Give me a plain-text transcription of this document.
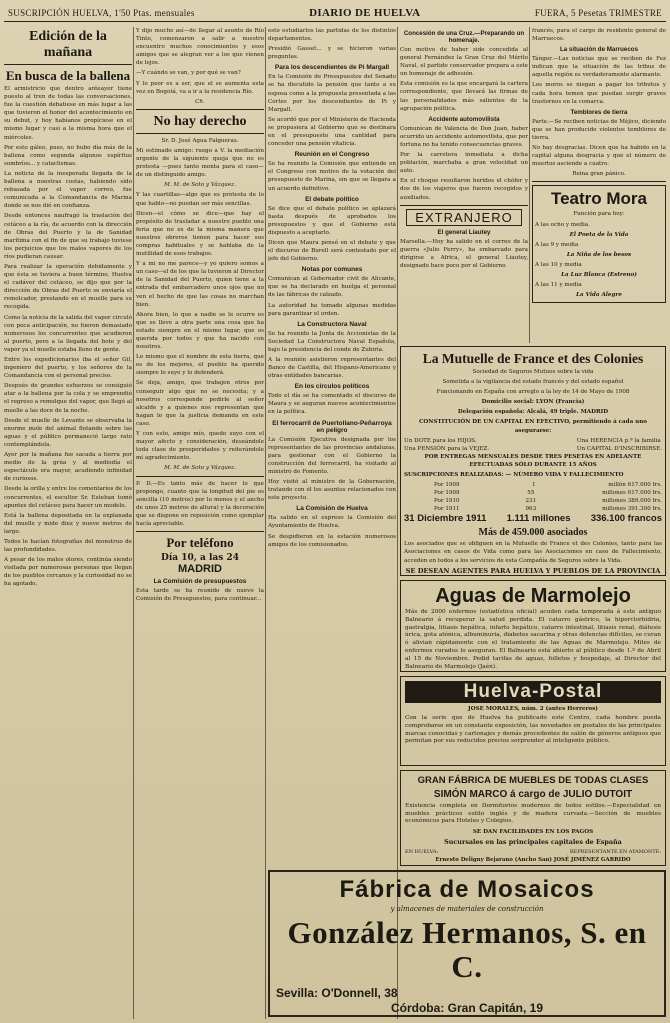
SUSCRIPCIÓN HUELVA, 1'50 Ptas. mensuales	DIARIO DE HUELVA	FUERA, 5 Pesetas TRIMESTRE
Edición de la mañana
En busca de la ballena

El armistricio que dentro anteayer tiene puesto al tren de todas las conversaciones, fue la cuestión debatiese en más lugar a las que tuvieron el honor del acontecimiento en su debut, y hoy habíanos propíciese en el mismo lugar y casi a la misma hora que el miércoles.

Por esto gáleo, pues, no hubo día más de la ballena como segunda algunos espíritus sombríos... y cataclismas.

La noticia de la inesperada llegada de la ballena a nuestras costas, habiendo sido rebasada por el vapor correo, fue comunicada a la Comandancia de Marina donde se nos dió en confianza.

Desde entonces naufragó la traslación del cetáceo a la ría, de acuerdo con la dirección de Obras del Puerto y la de Sanidad marítima con el fin de que su trabajo tuviese los perjuicios que los malos vapores de los ríos pudieran causar.

Para realizar la operación debidamente y que ésta se tuviera a buen término, Huelva el cadáver del cetáceo, se dijo que por la dirección de Obras del Puerto se enviaría el remolcador, prestando en el muelle para su recogida.

Como la noticia de la salida del vapor circuló con poca anticipación, no fueron demasiado numerosos los concurrentes que acudieron al puerto, pero a la llegada del bote y del vapor ya el muelle estaba lleno de gente.

Entre los expedicionarios iba el señor Gil, ingeniero del puerto, y los señores de la Comandancia con el personal preciso.

Después de grandes esfuerzos se consiguió atar a la ballena por la cola y se emprendió el regreso a remolque del vapor, que llegó al muelle a las doce de la noche.

Desde el muelle de Levante se observaba la enorme mole del animal flotando sobre las aguas y el público permaneció largo rato contemplándola.

Ayer por la mañana fue sacada a tierra por medio de la grúa y al mediodía el espectáculo era mayor, acudiendo infinidad de curiosos.

Desde la orilla y entre los comentarios de los concurrentes, el escultor Sr. Esteban tomó apuntes del cetáceo para hacer un modelo.

Está la ballena depositada en la explanada del muelle y mide diez y nueve metros de largo.

Todos le hacían fotografías del monstruo de las profundidades.

A pesar de los malos olores, continúa siendo visitada por numerosas personas que llegan de los pueblos cercanos y la curiosidad no se ha agotado.

Y dijo mucho así—de llegar al asunto de Río Tinto, comenzaron a salir a nuestro encuentro muchos conocimientos y esos amigos que se alegran ver a los que vienen de lejos.

—Y cuándo se van, y por qué se van?

Y lo peor es a ser, que el se aumenta esta vez en Bogotá, va a ir a la residencia Río.

Ch.

No hay derecho

Sr. D. José Agua Falgueras.

Mi estimado amigo: ruego a V. la mediación urgente de la siguiente queja que no es protesta —pues tanto monta para el caso— de un distinguido amigo.

M. M. de Soto y Vázquez.

Y las cuartillas—algo que es protesta de lo que hablo—no puedan ser más sencillas.

Dicen—el cómo se dice—que hay el propósito de trasladar a nuestro pueblo una feria que no es de la misma manera que nuestros obreros tienen para hacer sus compras habituales y se hablaba de la inutilidad de esos trabajos.

Y a mi no me parece—y yo quiero somos a un caso—el de los que la tuvieron al Director de la Sanidad del Puerto, quien tiene a la entrada del embarcadero unos ojos que no ven el hecho de que las cosas no marchan bien.

Ahora bien, lo que a nadie se le ocurre es que se lleve a otra parte una cosa que ha estado siempre en el mismo lugar, que es querida por todos y que ha nacido con nosotros.

Lo mismo que el nombre de esta tierra, que es de los mejores, el pueblo ha querido siempre lo suyo y lo defenderá.

Se deja, amigo, que trabajen otros por conseguir algo que no se necesita; y a nosotros corresponde pedirle al señor alcalde y a quienes nos representan que hagan lo que la justicia demanda en este caso.

Y con esto, amigo mío, quedo suyo con el mayor afecto y consideración, deseándole toda clase de prosperidades y reiterándole mi agradecimiento.

M. M. de Soto y Vázquez.

P. D.—Es tanto más de hacer lo que propongo, cuanto que la longitud del pie es sencilla (10 metros) por lo menos y el ancho de unos 25 metros de altura) y la decoración que se dispone en reposición como ejemplar hacía apreciable.

Por teléfono
Día 10, a las 24
MADRID
La Comisión de presupuestos

Esta tarde se ha reunido de nuevo la Comisión de Presupuestos, para continuar...

esto estudiarlos las partidas de los distintos departamentos.

Presidió Gasset... y se hicieron varias preguntas.

Para los descendientes de Pi Margall

En la Comisión de Presupuestos del Senado se ha discutido la pensión que tanto a su esposa como a la propuesta presentada a las Cortes por los descendientes de Pi y Margall.

Se acordó que por el Ministerio de Hacienda se propusiera al Gobierno que se destinara en el presupuesto una cantidad para conceder una pensión vitalicia.

Reunión en el Congreso

Se ha reunido la Comisión que entiende en el Congreso con motivo de la votación del presupuesto de Marina, sin que se llegara a un acuerdo definitivo.

El debate político

Se dice que el debate político se aplazará hasta después de aprobados los presupuestos y que el Gobierno está dispuesto a aceptarlo.

Dicen que Maura pensó en el debate y que el discurso de Burell será contestado por el jefe del Gobierno.

Notas por comunes

Comunican al Gobernador civil de Alicante, que se ha declarado en huelga el personal de las fábricas de calzado.

La autoridad ha tomado algunas medidas para garantizar el orden.

La Constructora Naval

Se ha reunido la Junta de Accionistas de la Sociedad La Constructora Naval Española, bajo la presidencia del conde de Zubiría.

A la reunión asistieron representantes del Banco de Castilla, del Hispano-Americano y otras entidades bancarias.

En los círculos políticos

Todo el día se ha comentado el discurso de Maura y se auguran nuevos acontecimientos en la política.

El ferrocarril de Puertollano-Peñarroya en peligro

La Comisión Ejecutiva designada por los representantes de las provincias andaluzas, para gestionar con el Gobierno la construcción del ferrocarril, ha visitado al ministro de Fomento.

Hoy visitó al ministro de la Gobernación, tratando con él los asuntos relacionados con este proyecto.

La Comisión de Huelva

Ha salido en el expreso la Comisión del Ayuntamiento de Huelva.

Se despidieron en la estación numerosos amigos de los comisionados.

Concesión de una Cruz.—Preparando un homenaje.

Con motivo de haber sido concedida al general Fernández la Gran Cruz del Mérito Naval, el partido conservador prepara a este un homenaje de adhesión.

Esta comisión es la que encargará la cartera correspondiente, que llevará las firmas de las personalidades más salientes de la agrupación política.

Accidente automovilista

Comunican de Valencia de Don Juan, haber ocurrido un accidente automovilista, que por fortuna no ha tenido consecuencias graves.

Por la carretera inmediata a dicha población, marchaba a gran velocidad un auto.

En el choque resultaron heridos el chófer y dos de los viajeros que fueron recogidos y auxiliados.

EXTRANJERO
El general Liautey

Marsella.—Hoy ha salido en el correo de la guerra «Julio Ferry», ha embarcado para dirigirse a Africa, el general Liautey, designado hace poco por el Gobierno

francés, para el cargo de residente general de Marruecos.

La situación de Marruecos

Tánger.—Las noticias que se reciben de Fez indican que la situación de las tribus de aquella región es verdaderamente alarmante.

Los moros se niegan a pagar los tributos y cada hora temen que puedan surgir graves trastornos en la comarca.

Temblores de tierra

Parte.—Se reciben noticias de Méjico, diciendo que se han producido violentos temblores de tierra.

No hay desgracias. Dicen que ha habido en la capital alguna desgracia y que el número de muertos asciende a cuatro.

Reina gran pánico.

Teatro Mora
Función para hoy:
A las ocho y media.
El Poeta de la Vida
A las 9 y media
La Niña de los besos
A las 10 y media
La Luz Blanca (Estreno)
A las 11 y media
La Vida Alegre
La Mutuelle de France et des Colonies
Sociedad de Seguros Mutuos sobre la vida
Sometida a la vigilancia del estado francés y del estado español
Funcionando en España con arreglo a la ley de 14 de Mayo de 1908
Domicilio social: LYON (Francia)
Delegación española: Alcalá, 49 triple. MADRID
CONSTITUCIÓN DE UN CAPITAL EN EFECTIVO, permitiendo á cada uno asegurarse:
Un DOTE para los HIJOS.
Una PENSIÓN para la VEJEZ.
Una HERENCIA p.ª la familia
Un CAPITAL D'INSCRIBIRSE.
POR ENTREGAS MENSUALES DESDE TRES PESETAS EN ADELANTE EFECTUADAS SÓLO DURANTE 15 AÑOS
SUSCRIPCIONES REALIZADAS: — NÚMERO VIDA Y FALLECIMIENTO
Por 1909	1	millón 617.000 frs.
Por 1909	55	millones 617.000 frs.
Por 1910	231	millones 389.000 frs.
Por 1911	963	millones 391.300 frs.
31 Diciembre 1911 1.111 millones 336.100 francos
Más de 459.000 asociados
Los asociados que se obliguen en la Mutuelle de France et des Colonies, tanto para las Asociaciones en casos de Vida como para las Asociaciones en caso de Fallecimiento, acceden en todos a los servicios de esta Compañía de Seguros sobre la Vida.
SE DESEAN AGENTES PARA HUELVA Y PUEBLOS DE LA PROVINCIA
Aguas de Marmolejo
Más de 2000 enfermos (estadística oficial) acuden cada temporada á este antiguo Balneario á recuperar la salud perdida. El catarro gástrico, la hiperclorhidria, gastralgia, litiasis hepática, infarto hepático, catarro intestinal, litiasis renal, diátesis úrica, gota atónica, albuminuria, diabetes sacarina y otras dolencias difíciles, se curan ó alivian rápidamente con el tratamiento de las Aguas de Marmolejo. Miles de enfermos curados lo aseguran. El Balneario está abierto al público desde 1.º de Abril al 15 de Noviembre. Pedid tarifas de aguas, folletos y hospedaje, al Director del Balneario de Marmolejo (Jaén).
Huelva-Postal
JOSE MORALES, núm. 2 (antes Herreros)
Con la serie que de Huelva ha publicado este Centro, cada hombre pueda comprobarse en un constante exposición, las novedades en postales de las principales marcas conocidas y cartonajes y demás procedentes de salón de géneros antiguos que permitan por sus reducidos precios sorprender al inteligente público.
GRAN FÁBRICA DE MUEBLES DE TODAS CLASES
SIMÓN MARCO á cargo de JULIO DUTOIT
Existencia completa en Dormitorios modernos de todos estilos.—Especialidad en muebles prácticos estilo inglés y de madera curvada.—Sección de muebles económicos para Hoteles y Colegios.
SE DAN FACILIDADES EN LOS PAGOS
Sucursales en las principales capitales de España
EN HUELVA:	REPRESENTANTE EN AYAMONTE:
Ernesto Deligny Bejarano (Ancho San) JOSÉ JIMÉNEZ GARRIDO
Fábrica de Mosaicos
y almacenes de materiales de construcción
González Hermanos, S. en C.
Sevilla: O'Donnell, 38
Córdoba: Gran Capitán, 19
